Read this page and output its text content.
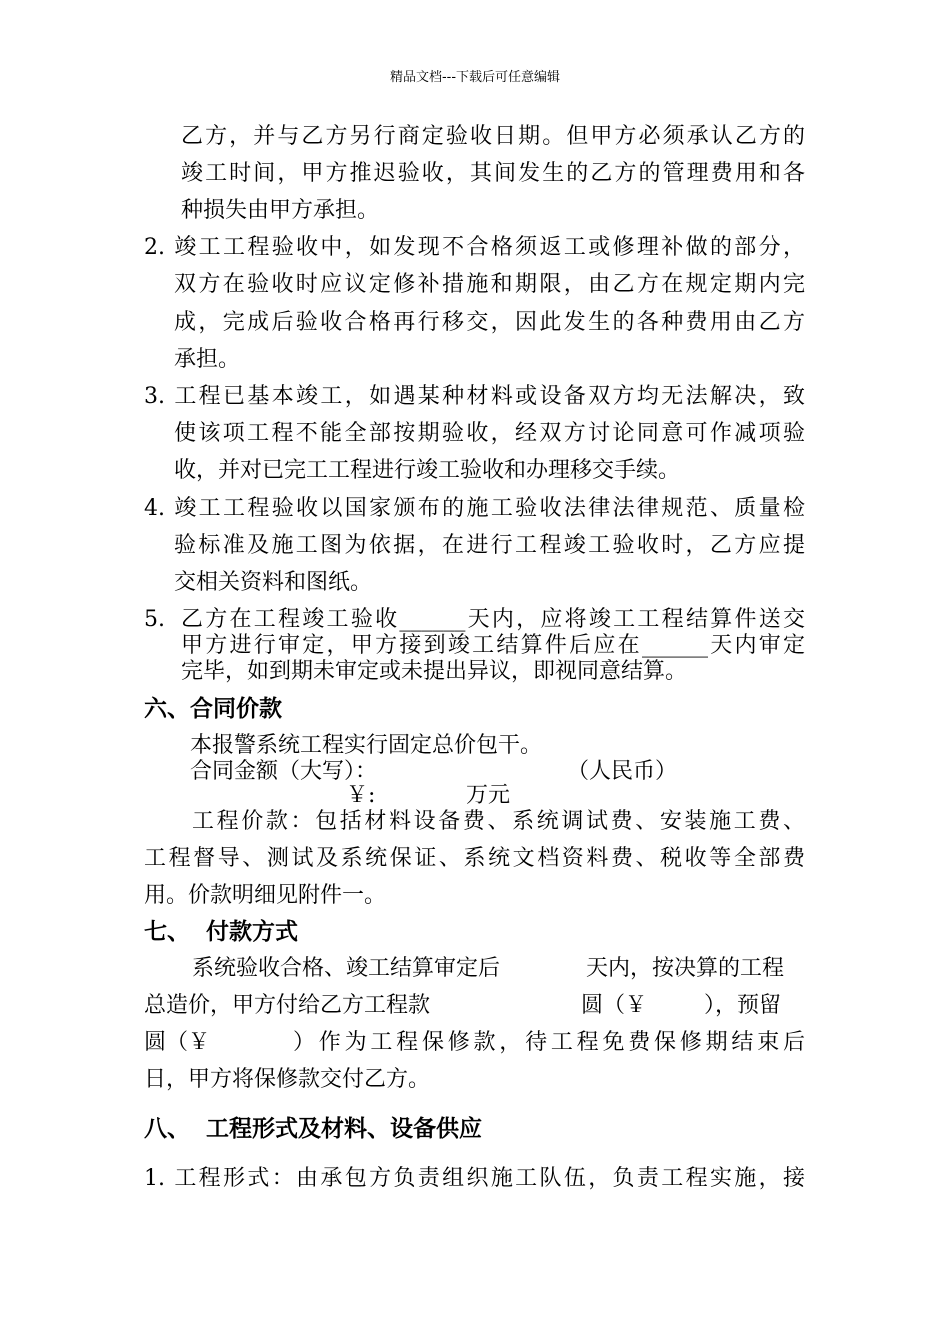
精品文档---下载后可任意编辑
乙方，并与乙方另行商定验收日期。但甲方必须承认乙方的
竣工时间，甲方推迟验收，其间发生的乙方的管理费用和各
种损失由甲方承担。
2. 竣工工程验收中，如发现不合格须返工或修理补做的部分，
双方在验收时应议定修补措施和期限，由乙方在规定期内完
成，完成后验收合格再行移交，因此发生的各种费用由乙方
承担。
3. 工程已基本竣工，如遇某种材料或设备双方均无法解决，致
使该项工程不能全部按期验收，经双方讨论同意可作减项验
收，并对已完工工程进行竣工验收和办理移交手续。
4. 竣工工程验收以国家颁布的施工验收法律法律规范、质量检
验标准及施工图为依据，在进行工程竣工验收时，乙方应提
交相关资料和图纸。
5. 乙方在工程竣工验收______天内，应将竣工工程结算件送交
甲方进行审定，甲方接到竣工结算件后应在______天内审定
完毕，如到期未审定或未提出异议，即视同意结算。
六、合同价款
本报警系统工程实行固定总价包干。
合同金额（大写）：	（人民币）
￥:	万元
工程价款：包括材料设备费、系统调试费、安装施工费、
工程督导、测试及系统保证、系统文档资料费、税收等全部费
用。价款明细见附件一。
七、  付款方式
系统验收合格、竣工结算审定后	天内，按决算的工程
总造价，甲方付给乙方工程款	圆（￥	），预留
圆（￥	）作为工程保修款，待工程免费保修期结束后
日，甲方将保修款交付乙方。
八、  工程形式及材料、设备供应
1. 工程形式：由承包方负责组织施工队伍，负责工程实施，接
